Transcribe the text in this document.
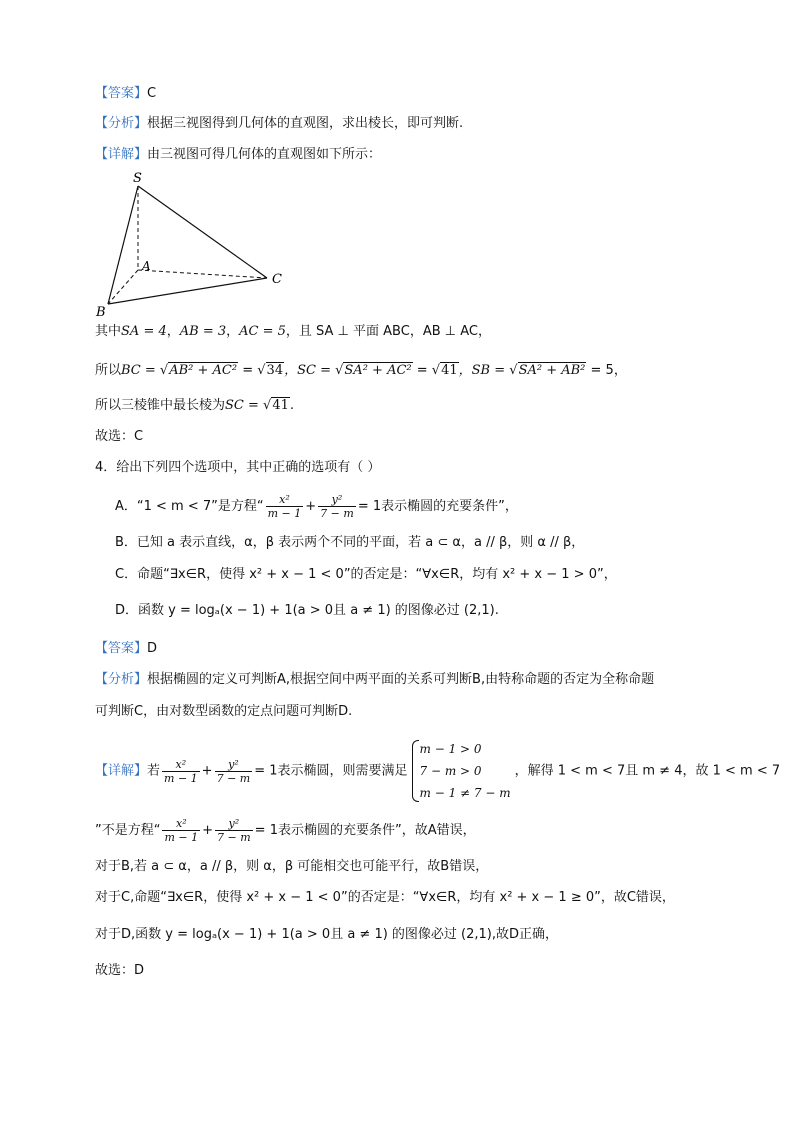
【答案】C
【分析】根据三视图得到几何体的直观图，求出棱长，即可判断.
【详解】由三视图可得几何体的直观图如下所示：
S
A
B
C
其中SA = 4，AB = 3，AC = 5，且 SA ⊥ 平面 ABC，AB ⊥ AC，
所以BC = √AB² + AC² = √34，SC = √SA² + AC² = √41，SB = √SA² + AB² = 5，
所以三棱锥中最长棱为SC = √41.
故选：C
4．给出下列四个选项中，其中正确的选项有（ ）
A．“1 < m < 7”是方程“ $\frac{\text{x²}}{m - 1} + \frac{\text{y²}}{7 - m} = 1$表示椭圆的充要条件”，
B．已知 a 表示直线，α，β 表示两个不同的平面，若 a ⊂ α，a // β，则 α // β，
C．命题“∃x∈R，使得 x² + x − 1 < 0”的否定是：“∀x∈R，均有 x² + x − 1 > 0”，
D．函数 y = logₐ(x − 1) + 1(a > 0且 a ≠ 1) 的图像必过 (2,1).
【答案】D
【分析】根据椭圆的定义可判断A,根据空间中两平面的关系可判断B,由特称命题的否定为全称命题
可判断C，由对数型函数的定点问题可判断D.
【详解】若 $\frac{\text{x²}}{m - 1} + \frac{\text{y²}}{7 - m} = 1$表示椭圆，则需要满足
m − 1 > 0
7 − m > 0
m − 1 ≠ 7 − m
，解得 1 < m < 7且 m ≠ 4，故 1 < m < 7
”不是方程“ $\frac{\text{x²}}{m - 1} + \frac{\text{y²}}{7 - m} = 1$表示椭圆的充要条件”，故A错误，
对于B,若 a ⊂ α，a // β，则 α，β 可能相交也可能平行，故B错误，
对于C,命题“∃x∈R，使得 x² + x − 1 < 0”的否定是：“∀x∈R，均有 x² + x − 1 ≥ 0”，故C错误，
对于D,函数 y = logₐ(x − 1) + 1(a > 0且 a ≠ 1) 的图像必过 (2,1),故D正确，
故选：D
